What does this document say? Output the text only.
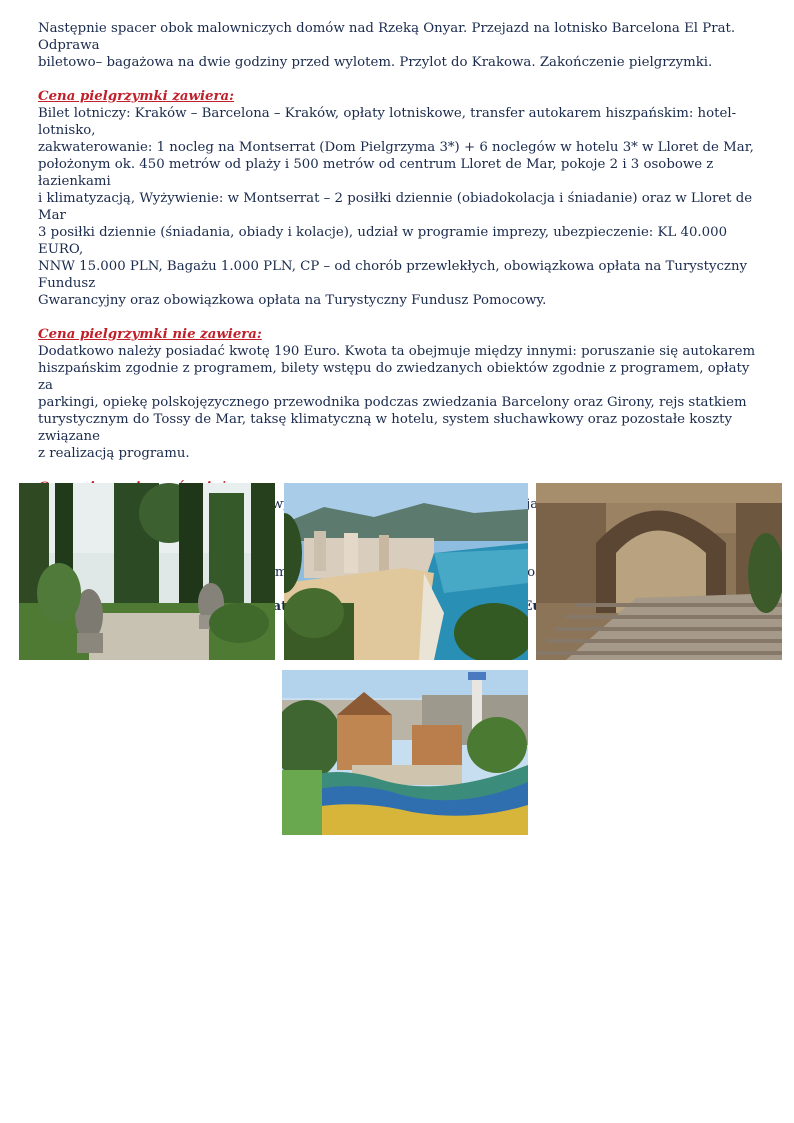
Następnie spacer obok malowniczych domów nad Rzeką Onyar. Przejazd na lotnisko Barcelona El Prat. Odprawa

biletowo– bagażowa na dwie godziny przed wylotem. Przylot do Krakowa. Zakończenie pielgrzymki.

Cena pielgrzymki zawiera:

Bilet lotniczy: Kraków – Barcelona – Kraków, opłaty lotniskowe, transfer autokarem hiszpańskim: hotel-lotnisko,

zakwaterowanie: 1 nocleg na Montserrat (Dom Pielgrzyma 3*) + 6 noclegów w hotelu 3* w Lloret de Mar,

położonym ok. 450 metrów od plaży i 500 metrów od centrum Lloret de Mar, pokoje 2 i 3 osobowe z łazienkami

i klimatyzacją, Wyżywienie: w Montserrat – 2 posiłki dziennie (obiadokolacja i śniadanie) oraz w Lloret de Mar

3 posiłki dziennie (śniadania, obiady i kolacje), udział w programie imprezy, ubezpieczenie: KL 40.000 EURO,

NNW 15.000 PLN, Bagażu 1.000 PLN, CP – od chorób przewlekłych, obowiązkowa opłata na Turystyczny Fundusz

Gwarancyjny oraz obowiązkowa opłata na Turystyczny Fundusz Pomocowy.

Cena pielgrzymki nie zawiera:

Dodatkowo należy posiadać kwotę 190 Euro. Kwota ta obejmuje między innymi: poruszanie się autokarem

hiszpańskim zgodnie z programem, bilety wstępu do zwiedzanych obiektów zgodnie z programem, opłaty za

parkingi, opiekę polskojęzycznego przewodnika podczas zwiedzania Barcelony oraz Girony, rejs statkiem

turystycznym do Tossy de Mar, taksę klimatyczną w hotelu, system słuchawkowy oraz pozostałe koszty związane

z realizacją programu.

przejazdu
